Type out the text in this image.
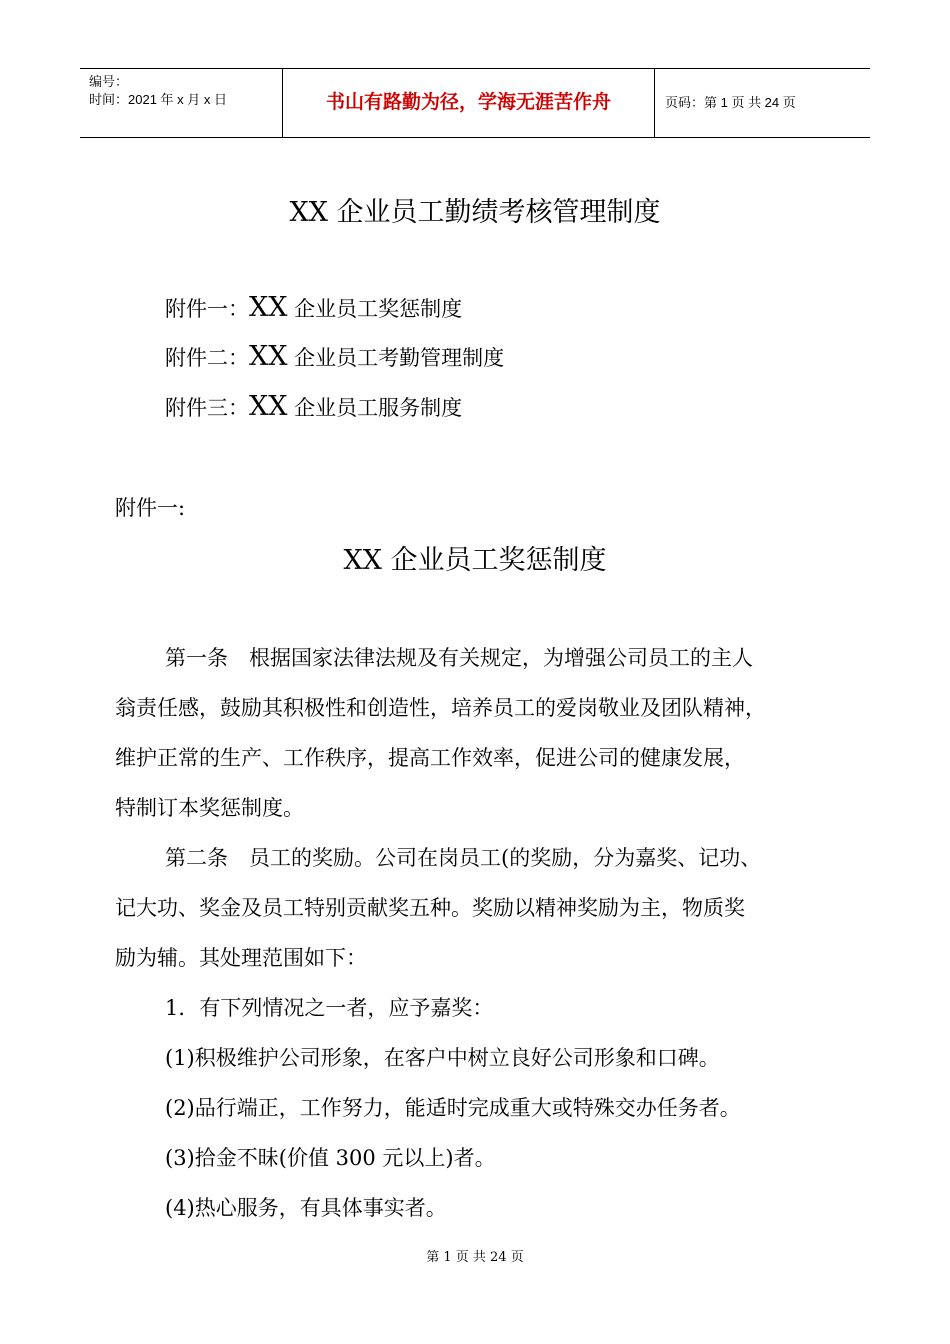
编号：
时间：2021 年 x 月 x 日	书山有路勤为径，学海无涯苦作舟	页码：第 1 页 共 24 页
XX 企业员工勤绩考核管理制度
附件一：XX 企业员工奖惩制度
附件二：XX 企业员工考勤管理制度
附件三：XX 企业员工服务制度
附件一:
XX 企业员工奖惩制度
第一条　根据国家法律法规及有关规定，为增强公司员工的主人
翁责任感，鼓励其积极性和创造性，培养员工的爱岗敬业及团队精神，
维护正常的生产、工作秩序，提高工作效率，促进公司的健康发展，
特制订本奖惩制度。
第二条　员工的奖励。公司在岗员工(的奖励，分为嘉奖、记功、
记大功、奖金及员工特别贡献奖五种。奖励以精神奖励为主，物质奖
励为辅。其处理范围如下：
1．有下列情况之一者，应予嘉奖：
(1)积极维护公司形象，在客户中树立良好公司形象和口碑。
(2)品行端正，工作努力，能适时完成重大或特殊交办任务者。
(3)拾金不昧(价值 300 元以上)者。
(4)热心服务，有具体事实者。
第 1 页 共 24 页
